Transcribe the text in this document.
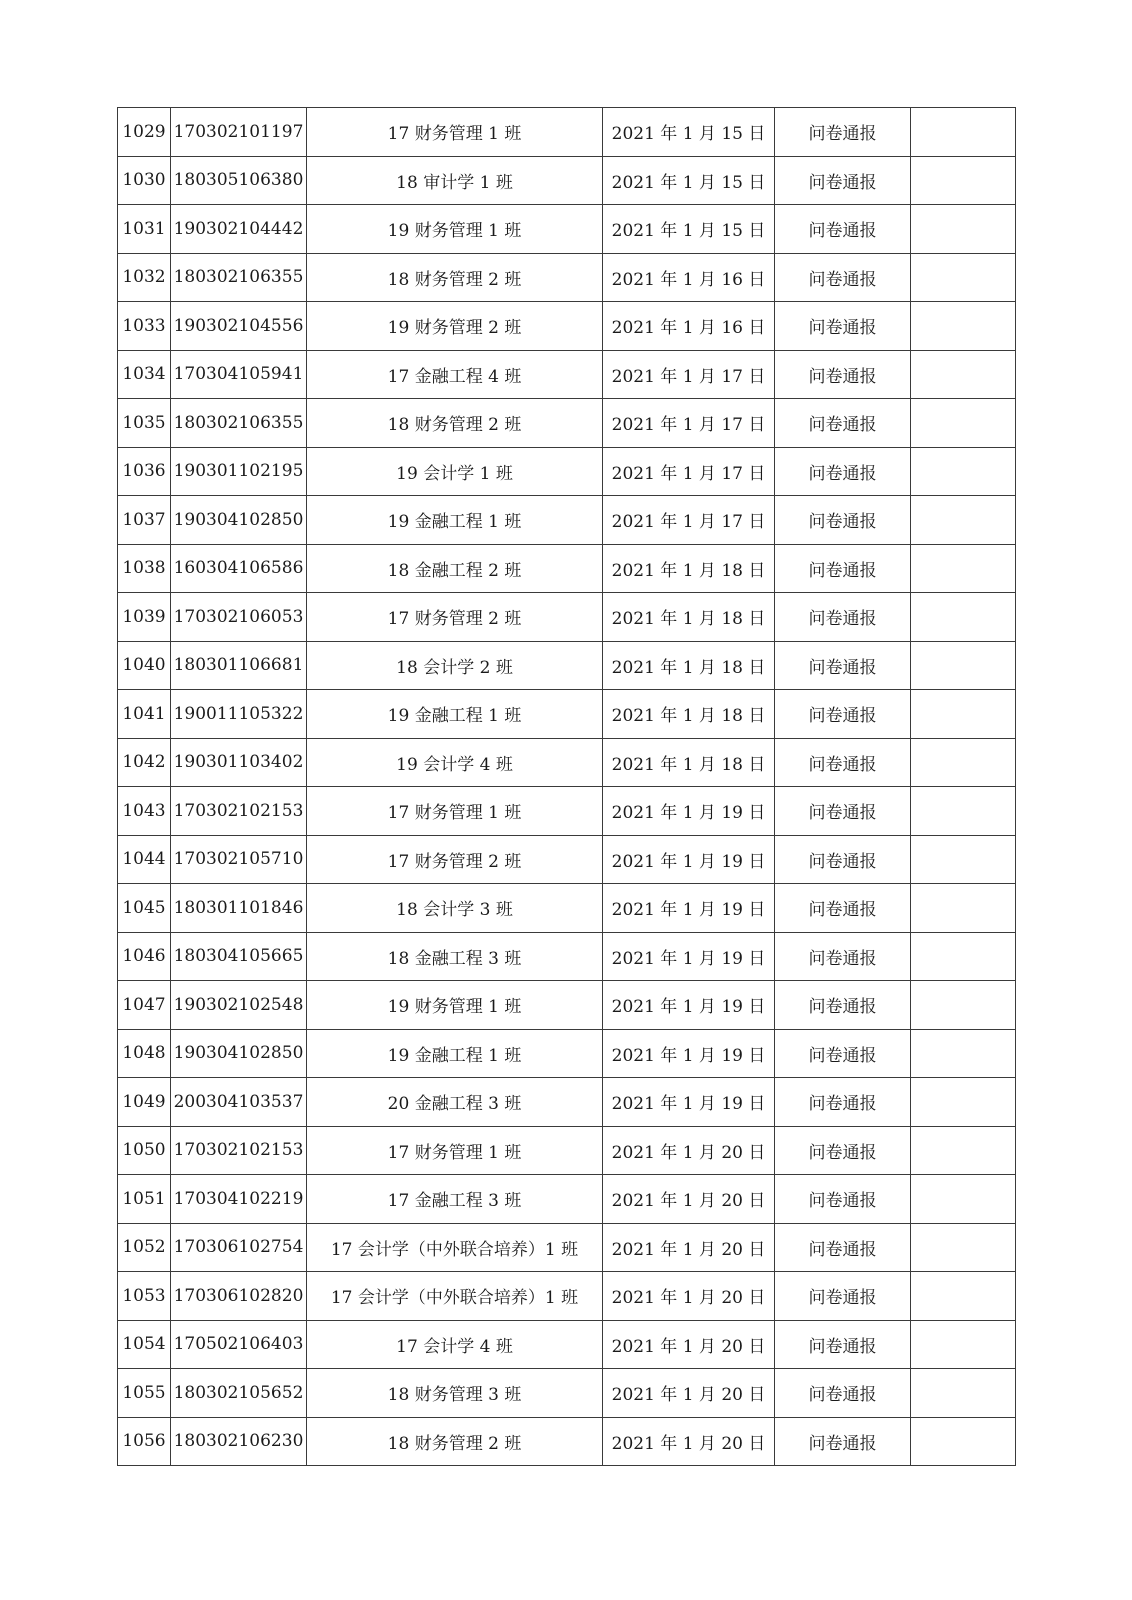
1029	170302101197	17 财务管理 1 班	2021 年 1 月 15 日	问卷通报	
1030	180305106380	18 审计学 1 班	2021 年 1 月 15 日	问卷通报	
1031	190302104442	19 财务管理 1 班	2021 年 1 月 15 日	问卷通报	
1032	180302106355	18 财务管理 2 班	2021 年 1 月 16 日	问卷通报	
1033	190302104556	19 财务管理 2 班	2021 年 1 月 16 日	问卷通报	
1034	170304105941	17 金融工程 4 班	2021 年 1 月 17 日	问卷通报	
1035	180302106355	18 财务管理 2 班	2021 年 1 月 17 日	问卷通报	
1036	190301102195	19 会计学 1 班	2021 年 1 月 17 日	问卷通报	
1037	190304102850	19 金融工程 1 班	2021 年 1 月 17 日	问卷通报	
1038	160304106586	18 金融工程 2 班	2021 年 1 月 18 日	问卷通报	
1039	170302106053	17 财务管理 2 班	2021 年 1 月 18 日	问卷通报	
1040	180301106681	18 会计学 2 班	2021 年 1 月 18 日	问卷通报	
1041	190011105322	19 金融工程 1 班	2021 年 1 月 18 日	问卷通报	
1042	190301103402	19 会计学 4 班	2021 年 1 月 18 日	问卷通报	
1043	170302102153	17 财务管理 1 班	2021 年 1 月 19 日	问卷通报	
1044	170302105710	17 财务管理 2 班	2021 年 1 月 19 日	问卷通报	
1045	180301101846	18 会计学 3 班	2021 年 1 月 19 日	问卷通报	
1046	180304105665	18 金融工程 3 班	2021 年 1 月 19 日	问卷通报	
1047	190302102548	19 财务管理 1 班	2021 年 1 月 19 日	问卷通报	
1048	190304102850	19 金融工程 1 班	2021 年 1 月 19 日	问卷通报	
1049	200304103537	20 金融工程 3 班	2021 年 1 月 19 日	问卷通报	
1050	170302102153	17 财务管理 1 班	2021 年 1 月 20 日	问卷通报	
1051	170304102219	17 金融工程 3 班	2021 年 1 月 20 日	问卷通报	
1052	170306102754	17 会计学（中外联合培养）1 班	2021 年 1 月 20 日	问卷通报	
1053	170306102820	17 会计学（中外联合培养）1 班	2021 年 1 月 20 日	问卷通报	
1054	170502106403	17 会计学 4 班	2021 年 1 月 20 日	问卷通报	
1055	180302105652	18 财务管理 3 班	2021 年 1 月 20 日	问卷通报	
1056	180302106230	18 财务管理 2 班	2021 年 1 月 20 日	问卷通报	
